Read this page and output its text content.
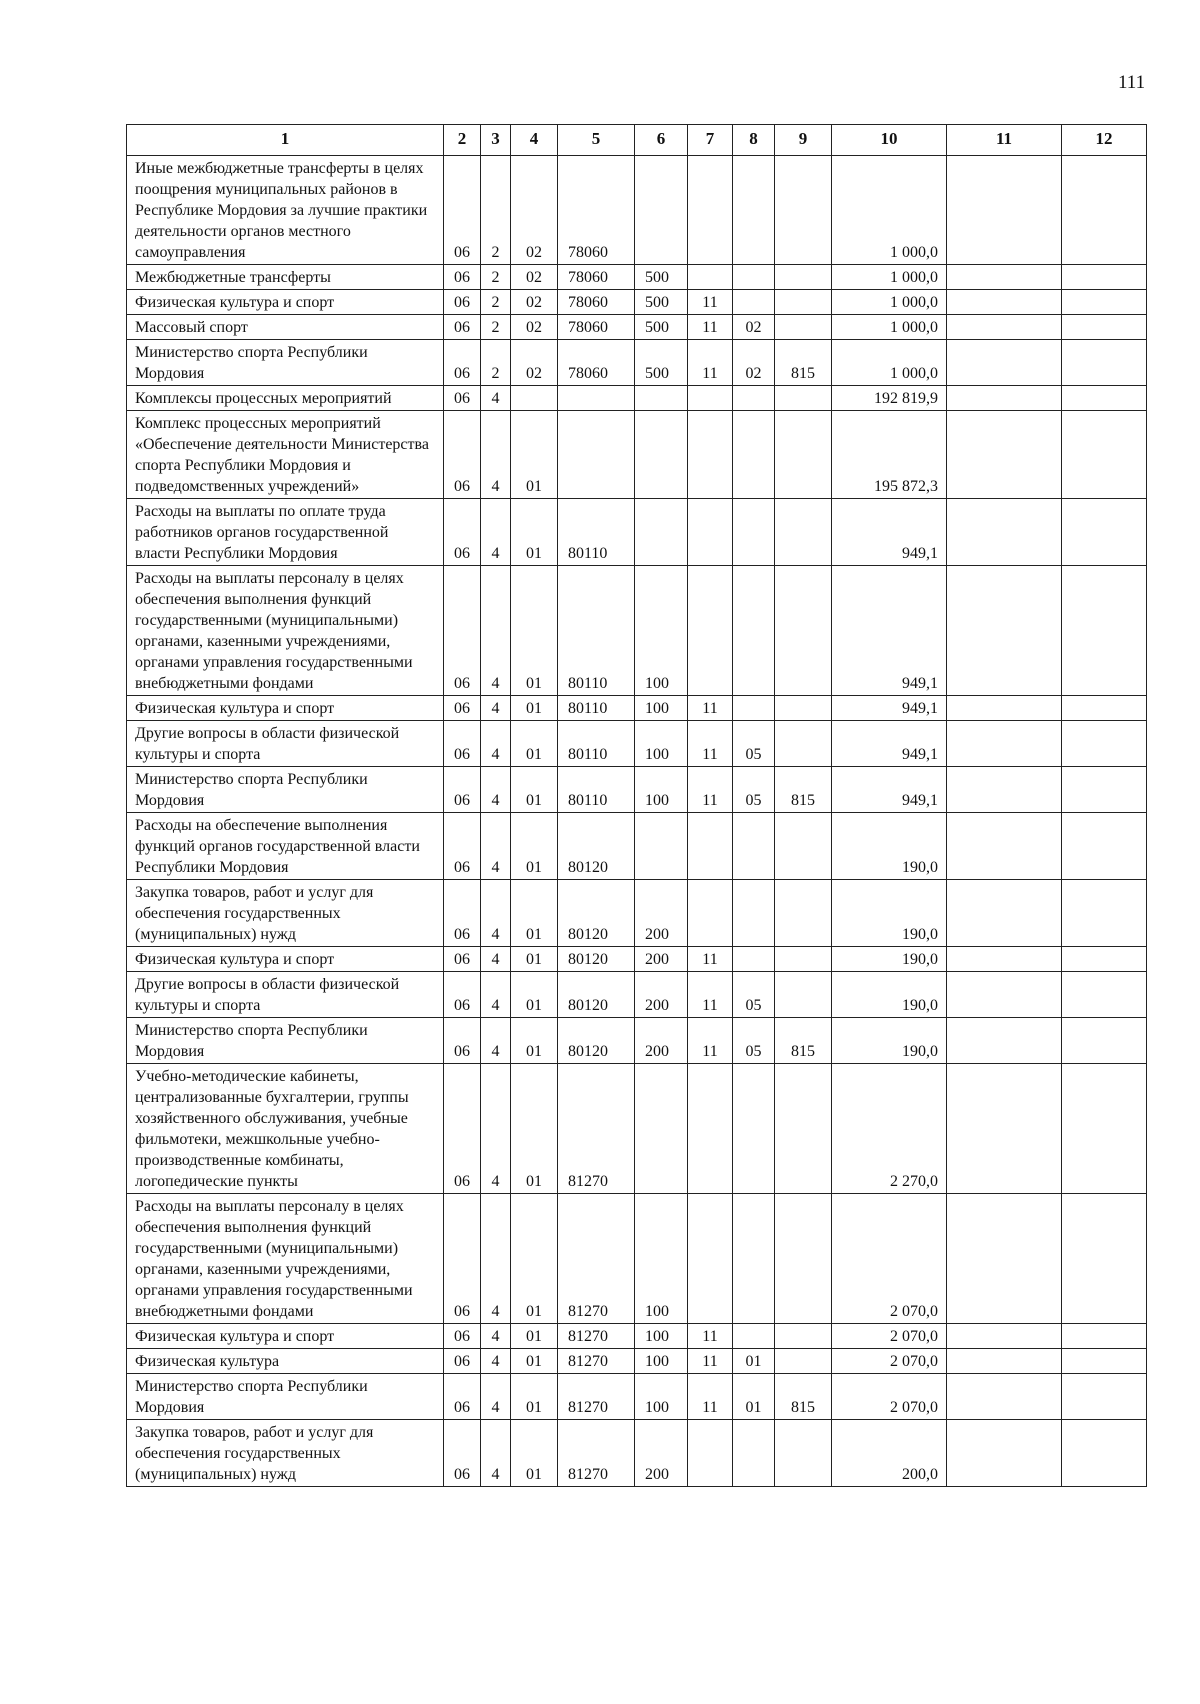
111
1	2	3	4	5	6	7	8	9	10	11	12
Иные межбюджетные трансферты в целях поощрения муниципальных районов в Республике Мордовия за лучшие практики деятельности органов местного самоуправления	06	2	02	78060					1 000,0		
Межбюджетные трансферты	06	2	02	78060	500				1 000,0		
Физическая культура и спорт	06	2	02	78060	500	11			1 000,0		
Массовый спорт	06	2	02	78060	500	11	02		1 000,0		
Министерство спорта Республики Мордовия	06	2	02	78060	500	11	02	815	1 000,0		
Комплексы процессных мероприятий	06	4							192 819,9		
Комплекс процессных мероприятий «Обеспечение деятельности Министерства спорта Республики Мордовия и подведомственных учреждений»	06	4	01						195 872,3		
Расходы на выплаты по оплате труда работников органов государственной власти Республики Мордовия	06	4	01	80110					949,1		
Расходы на выплаты персоналу в целях обеспечения выполнения функций государственными (муниципальными) органами, казенными учреждениями, органами управления государственными внебюджетными фондами	06	4	01	80110	100				949,1		
Физическая культура и спорт	06	4	01	80110	100	11			949,1		
Другие вопросы в области физической культуры и спорта	06	4	01	80110	100	11	05		949,1		
Министерство спорта Республики Мордовия	06	4	01	80110	100	11	05	815	949,1		
Расходы на обеспечение выполнения функций органов государственной власти Республики Мордовия	06	4	01	80120					190,0		
Закупка товаров, работ и услуг для обеспечения государственных (муниципальных) нужд	06	4	01	80120	200				190,0		
Физическая культура и спорт	06	4	01	80120	200	11			190,0		
Другие вопросы в области физической культуры и спорта	06	4	01	80120	200	11	05		190,0		
Министерство спорта Республики Мордовия	06	4	01	80120	200	11	05	815	190,0		
Учебно-методические кабинеты, централизованные бухгалтерии, группы хозяйственного обслуживания, учебные фильмотеки, межшкольные учебно-производственные комбинаты, логопедические пункты	06	4	01	81270					2 270,0		
Расходы на выплаты персоналу в целях обеспечения выполнения функций государственными (муниципальными) органами, казенными учреждениями, органами управления государственными внебюджетными фондами	06	4	01	81270	100				2 070,0		
Физическая культура и спорт	06	4	01	81270	100	11			2 070,0		
Физическая культура	06	4	01	81270	100	11	01		2 070,0		
Министерство спорта Республики Мордовия	06	4	01	81270	100	11	01	815	2 070,0		
Закупка товаров, работ и услуг для обеспечения государственных (муниципальных) нужд	06	4	01	81270	200				200,0		
